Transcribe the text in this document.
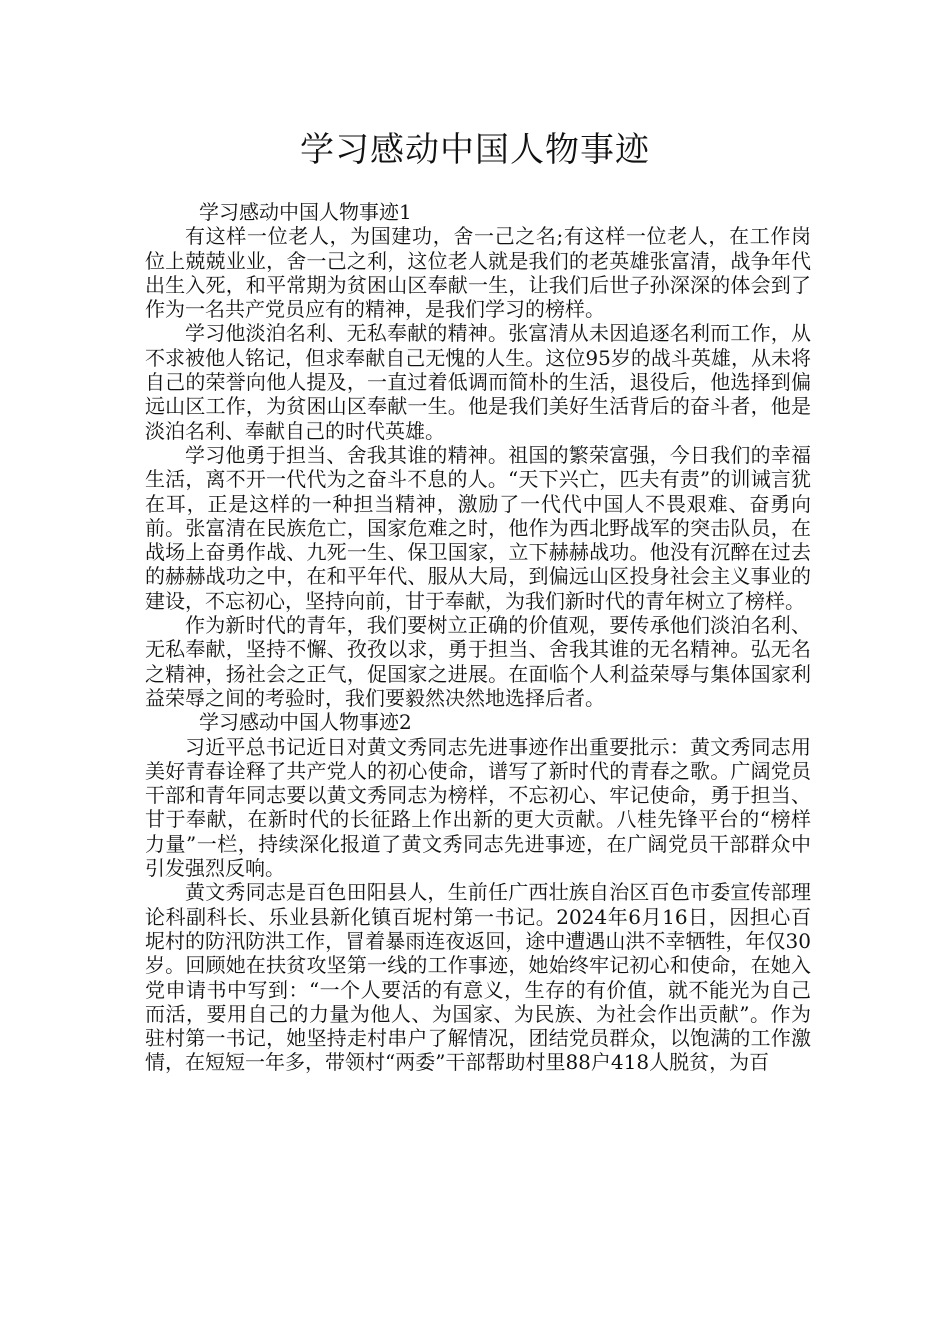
学习感动中国人物事迹

学习感动中国人物事迹1

有这样一位老人，为国建功，舍一己之名;有这样一位老人，在工作岗位上兢兢业业，舍一己之利，这位老人就是我们的老英雄张富清，战争年代出生入死，和平常期为贫困山区奉献一生，让我们后世子孙深深的体会到了作为一名共产党员应有的精神，是我们学习的榜样。

学习他淡泊名利、无私奉献的精神。张富清从未因追逐名利而工作，从不求被他人铭记，但求奉献自己无愧的人生。这位95岁的战斗英雄，从未将自己的荣誉向他人提及，一直过着低调而简朴的生活，退役后，他选择到偏远山区工作，为贫困山区奉献一生。他是我们美好生活背后的奋斗者，他是淡泊名利、奉献自己的时代英雄。

学习他勇于担当、舍我其谁的精神。祖国的繁荣富强，今日我们的幸福生活，离不开一代代为之奋斗不息的人。“天下兴亡，匹夫有责”的训诫言犹在耳，正是这样的一种担当精神，激励了一代代中国人不畏艰难、奋勇向前。张富清在民族危亡，国家危难之时，他作为西北野战军的突击队员，在战场上奋勇作战、九死一生、保卫国家，立下赫赫战功。他没有沉醉在过去的赫赫战功之中，在和平年代、服从大局，到偏远山区投身社会主义事业的建设，不忘初心，坚持向前，甘于奉献，为我们新时代的青年树立了榜样。

作为新时代的青年，我们要树立正确的价值观，要传承他们淡泊名利、无私奉献，坚持不懈、孜孜以求，勇于担当、舍我其谁的无名精神。弘无名之精神，扬社会之正气，促国家之进展。在面临个人利益荣辱与集体国家利益荣辱之间的考验时，我们要毅然决然地选择后者。

学习感动中国人物事迹2

习近平总书记近日对黄文秀同志先进事迹作出重要批示：黄文秀同志用美好青春诠释了共产党人的初心使命，谱写了新时代的青春之歌。广阔党员干部和青年同志要以黄文秀同志为榜样，不忘初心、牢记使命，勇于担当、甘于奉献，在新时代的长征路上作出新的更大贡献。八桂先锋平台的“榜样力量”一栏，持续深化报道了黄文秀同志先进事迹，在广阔党员干部群众中引发强烈反响。

黄文秀同志是百色田阳县人，生前任广西壮族自治区百色市委宣传部理论科副科长、乐业县新化镇百坭村第一书记。2024年6月16日，因担心百坭村的防汛防洪工作，冒着暴雨连夜返回，途中遭遇山洪不幸牺牲，年仅30岁。回顾她在扶贫攻坚第一线的工作事迹，她始终牢记初心和使命，在她入党申请书中写到：“一个人要活的有意义，生存的有价值，就不能光为自己而活，要用自己的力量为他人、为国家、为民族、为社会作出贡献”。作为驻村第一书记，她坚持走村串户了解情况，团结党员群众，以饱满的工作激情，在短短一年多，带领村“两委”干部帮助村里88户418人脱贫，为百
